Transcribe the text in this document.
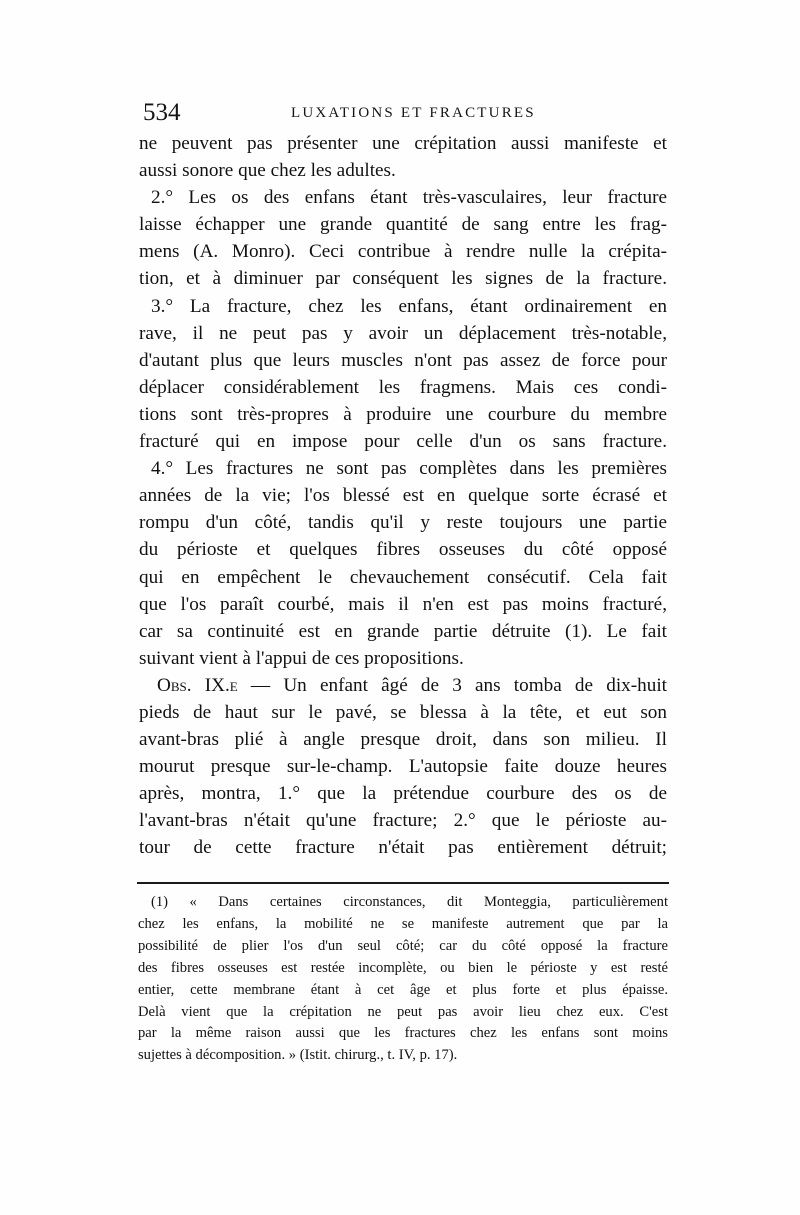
534	LUXATIONS ET FRACTURES

ne peuvent pas présenter une crépitation aussi manifeste et
aussi sonore que chez les adultes.

2.° Les os des enfans étant très-vasculaires, leur fracture
laisse échapper une grande quantité de sang entre les frag-
mens (A. Monro). Ceci contribue à rendre nulle la crépita-
tion, et à diminuer par conséquent les signes de la fracture.

3.° La fracture, chez les enfans, étant ordinairement en
rave, il ne peut pas y avoir un déplacement très-notable,
d'autant plus que leurs muscles n'ont pas assez de force pour
déplacer considérablement les fragmens. Mais ces condi-
tions sont très-propres à produire une courbure du membre
fracturé qui en impose pour celle d'un os sans fracture.

4.° Les fractures ne sont pas complètes dans les premières
années de la vie; l'os blessé est en quelque sorte écrasé et
rompu d'un côté, tandis qu'il y reste toujours une partie
du périoste et quelques fibres osseuses du côté opposé
qui en empêchent le chevauchement consécutif. Cela fait
que l'os paraît courbé, mais il n'en est pas moins fracturé,
car sa continuité est en grande partie détruite (1). Le fait
suivant vient à l'appui de ces propositions.

Obs. IX.e — Un enfant âgé de 3 ans tomba de dix-huit
pieds de haut sur le pavé, se blessa à la tête, et eut son
avant-bras plié à angle presque droit, dans son milieu. Il
mourut presque sur-le-champ. L'autopsie faite douze heures
après, montra, 1.° que la prétendue courbure des os de
l'avant-bras n'était qu'une fracture; 2.° que le périoste au-
tour de cette fracture n'était pas entièrement détruit;

(1) « Dans certaines circonstances, dit Monteggia, particulièrement
chez les enfans, la mobilité ne se manifeste autrement que par la
possibilité de plier l'os d'un seul côté; car du côté opposé la fracture
des fibres osseuses est restée incomplète, ou bien le périoste y est resté
entier, cette membrane étant à cet âge et plus forte et plus épaisse.
Delà vient que la crépitation ne peut pas avoir lieu chez eux. C'est
par la même raison aussi que les fractures chez les enfans sont moins
sujettes à décomposition. » (Istit. chirurg., t. IV, p. 17).
